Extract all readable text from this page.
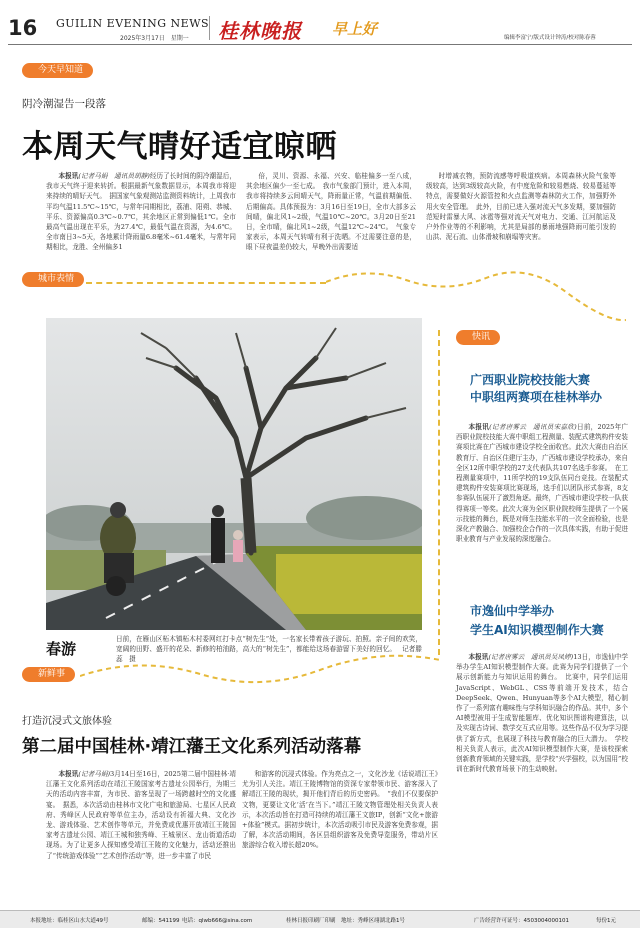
16 GUILIN EVENING NEWS
2025年3月17日　 星期一 桂林晚报 早上好	编辑李富宁/版式设计钟涛/校对陈春蓉
今天早知道
阴冷潮湿告一段落
本周天气晴好适宜晾晒

本报讯(记者马娟　通讯员胡静)经历了长时间的阴冷潮湿后，我市天气终于迎来转折。根据最新气象数据显示，本周我市将迎来持续的晴好天气。　据国家气象观测站监测资料统计，上周我市平均气温11.5℃~15℃，与常年同期相比，荔浦、阳朔、恭城、平乐、资源偏高0.3℃~0.7℃，其余地区正常到偏低1℃。全市最高气温出现在平乐，为27.4℃，最低气温在资源，为4.6℃。全市南日3~5天，各地累计降雨量6.8毫米~61.4毫米，与常年同期相比，龙胜、全州偏多1

倍，灵川、资源、永福、兴安、临桂偏多一至八成，其余地区偏少一至七成。　我市气象部门预计，进入本周，我市将持续多云间晴天气，降雨量正常，气温前期偏低、后期偏高。具体预报为：3月16日至19日，全市大部多云间晴，偏北风1~2级，气温10℃~20℃。3月20日至21日，全市晴，偏北风1~2级，气温12℃~24℃。　气象专家表示，本周天气转晴有利于洗晒。不过需要注意的是，眼下昼夜温差仍较大，早晚外出需要适

时增减衣物，预防流感等呼吸道疾病。本周森林火险气象等级较高，达到3级较高火险，有中度危险和较易燃烧、较易蔓延等特点，需要做好火源管控和火点监测等森林防火工作，加强野外用火安全管理。　此外，目前已进入强对流天气多发期，要加强防范短时雷暴大风、冰雹等强对流天气对电力、交通、江河航运及户外作业等的不利影响，尤其是局部的暴雨地强降雨可能引发的山洪、泥石流、山体滑坡和崩塌等灾害。

城市表情
春游
日前，在雁山区柘木镇柘木村委网红打卡点“树先生”处，一名家长带着孩子游玩、拍照。亲子间的欢笑，宽阔的田野、盛开的花朵、新修的柏油路，高大的“树先生”，都能给这场春游留下美好的回忆。 记者滕蕊　摄
快讯
广西职业院校技能大赛
中职组两赛项在桂林举办

本报讯(记者唐雾云　通讯员宋嘉欣)日前，2025年广西职业院校技能大赛中职组工程测量、装配式建筑构件安装赛项比赛在广西城市建设学校全面收官。此次大赛由自治区教育厅、自治区住建厅主办，广西城市建设学校承办，来自全区12所中职学校的27支代表队共107名选手参赛。　在工程测量赛项中，11所学校的19支队伍同台竞技。在装配式建筑构件安装赛项比赛现场，选手们以团队形式参赛，8支参赛队伍展开了激烈角逐。最终，广西城市建设学校一队获得赛项一等奖。此次大赛为全区职业院校师生提供了一个展示技能的舞台，既是对师生技能水平的一次全面检验，也是深化产教融合、加强校企合作的一次具体实践，有助于促进职业教育与产业发展的深度融合。

市逸仙中学举办
学生AI知识模型制作大赛

本报讯(记者唐雾云　通讯员吴凤婷)13日，市逸仙中学举办学生AI知识模型制作大赛。此赛为同学们提供了一个展示创新能力与知识运用的舞台。　比赛中，同学们运用JavaScript、WebGL、CSS等前端开发技术，结合DeepSeek、Qwen、Hunyuan等多个AI大模型，精心制作了一系列富有趣味性与学科知识融合的作品。其中，多个AI模型被用于生成智能题库、优化知识图谱构建算法，以及实现古诗词、数学交互式应用等。这些作品不仅为学习提供了新方式，也展现了科技与教育融合的巨大潜力。　学校相关负责人表示，此次AI知识模型制作大赛，是该校探索创新教育领域的关键实践，是学校“兴学强校，以为国用”校训在新时代教育场景下的生动映射。

新鲜事
打造沉浸式文旅体验
第二届中国桂林·靖江藩王文化系列活动落幕

本报讯(记者马娟)3月14日至16日，2025第二届中国桂林·靖江藩王文化系列活动在靖江王陵国家考古遗址公园举行，为期三天的活动内容丰富，为市民、游客呈现了一场跨越时空的文化盛宴。　据悉，本次活动由桂林市文化广电和旅游局、七星区人民政府、秀峰区人民政府等单位主办，活动设有祈福大典、文化沙龙、游戏体验、艺术创作等单元，并免费或优惠开放靖江王陵国家考古遗址公园、靖江王城和独秀峰、王城景区、龙山街道活动现场。为了让更多人探知感受靖江王陵的文化魅力，活动还推出了“传统游戏体验”“艺术创作活动”等，进一步丰富了市民

和游客的沉浸式体验。作为亮点之一，文化沙龙《话说靖江王》尤为引人关注。靖江王陵博物馆的资深专家带领市民、游客深入了解靖江王陵的现状，揭开他们背后的历史密码。　“我们不仅要保护文物，更要让文化‘活’在当下。”靖江王陵文物管理处相关负责人表示，本次活动旨在打造可持续的靖江藩王文旅IP，创新“文化+旅游+体验”模式。据初步统计，本次活动吸引市民及游客免费参观，据了解，本次活动期间，各区县组织游客及免费导览服务，带动片区旅游综合收入增长超20%。

本报地址：临桂区山水大道49号	邮编：541199 电话：qlwb666@sina.com	桂林日报印刷厂印刷　地址：秀峰区翊湖北路1号	广告经营许可证号：4503004000101	每份1元
